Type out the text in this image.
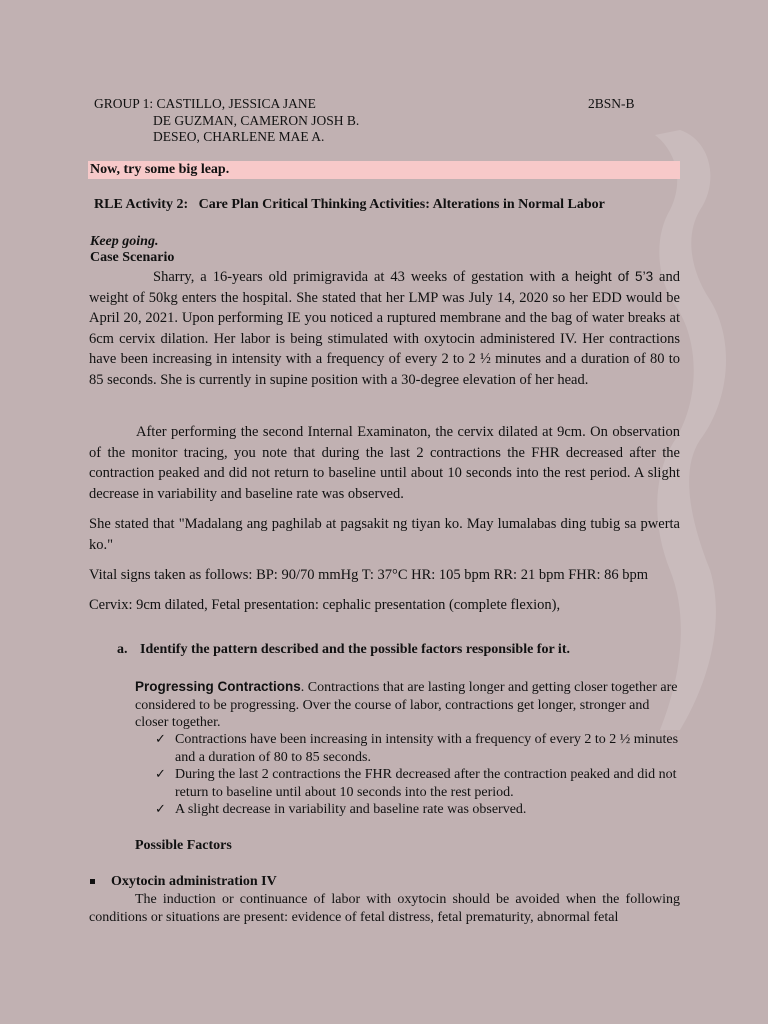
GROUP 1: CASTILLO, JESSICA JANE
DE GUZMAN, CAMERON JOSH B.
DESEO, CHARLENE MAE A.
2BSN-B
Now, try some big leap.
RLE Activity 2:   Care Plan Critical Thinking Activities: Alterations in Normal Labor
Keep going.
Case Scenario
Sharry, a 16-years old primigravida at 43 weeks of gestation with a height of 5’3 and weight of 50kg enters the hospital. She stated that her LMP was July 14, 2020 so her EDD would be April 20, 2021. Upon performing IE you noticed a ruptured membrane and the bag of water breaks at 6cm cervix dilation. Her labor is being stimulated with oxytocin administered IV. Her contractions have been increasing in intensity with a frequency of every 2 to 2 ½ minutes and a duration of 80 to 85 seconds. She is currently in supine position with a 30-degree elevation of her head.
After performing the second Internal Examinaton, the cervix dilated at 9cm. On observation of the monitor tracing, you note that during the last 2 contractions the FHR decreased after the contraction peaked and did not return to baseline until about 10 seconds into the rest period. A slight decrease in variability and baseline rate was observed.
She stated that "Madalang ang paghilab at pagsakit ng tiyan ko. May lumalabas ding tubig sa pwerta ko."
Vital signs taken as follows: BP: 90/70 mmHg T: 37°C HR: 105 bpm RR: 21 bpm FHR: 86 bpm
Cervix: 9cm dilated, Fetal presentation: cephalic presentation (complete flexion),
a. Identify the pattern described and the possible factors responsible for it.
Progressing Contractions. Contractions that are lasting longer and getting closer together are considered to be progressing. Over the course of labor, contractions get longer, stronger and closer together.
✓ Contractions have been increasing in intensity with a frequency of every 2 to 2 ½ minutes and a duration of 80 to 85 seconds.
✓ During the last 2 contractions the FHR decreased after the contraction peaked and did not return to baseline until about 10 seconds into the rest period.
✓ A slight decrease in variability and baseline rate was observed.
Possible Factors
Oxytocin administration IV
The induction or continuance of labor with oxytocin should be avoided when the following conditions or situations are present: evidence of fetal distress, fetal prematurity, abnormal fetal
